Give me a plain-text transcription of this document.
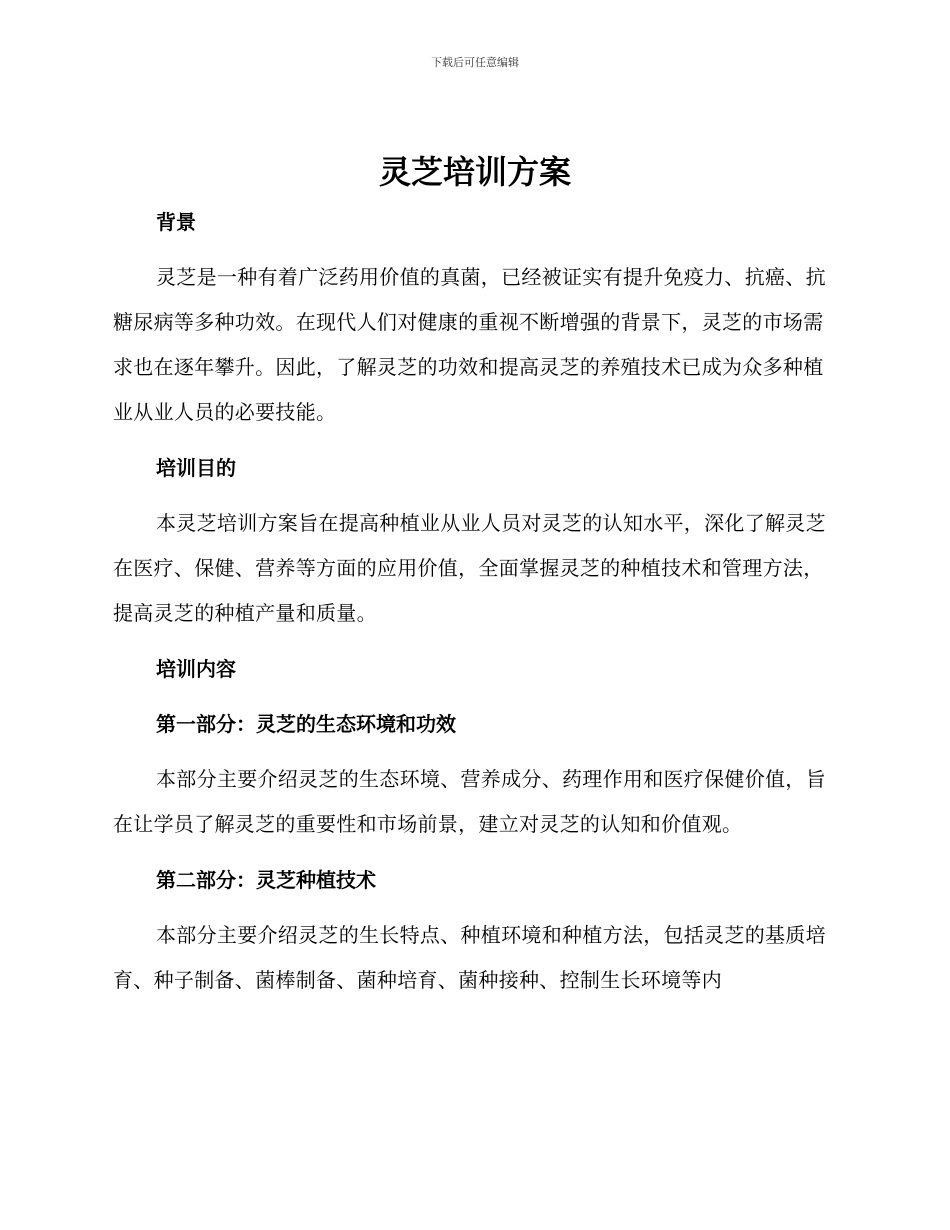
下载后可任意编辑
灵芝培训方案
背景

灵芝是一种有着广泛药用价值的真菌，已经被证实有提升免疫力、抗癌、抗糖尿病等多种功效。在现代人们对健康的重视不断增强的背景下，灵芝的市场需求也在逐年攀升。因此，了解灵芝的功效和提高灵芝的养殖技术已成为众多种植业从业人员的必要技能。

培训目的

本灵芝培训方案旨在提高种植业从业人员对灵芝的认知水平，深化了解灵芝在医疗、保健、营养等方面的应用价值，全面掌握灵芝的种植技术和管理方法，提高灵芝的种植产量和质量。

培训内容
第一部分：灵芝的生态环境和功效

本部分主要介绍灵芝的生态环境、营养成分、药理作用和医疗保健价值，旨在让学员了解灵芝的重要性和市场前景，建立对灵芝的认知和价值观。

第二部分：灵芝种植技术

本部分主要介绍灵芝的生长特点、种植环境和种植方法，包括灵芝的基质培育、种子制备、菌棒制备、菌种培育、菌种接种、控制生长环境等内
